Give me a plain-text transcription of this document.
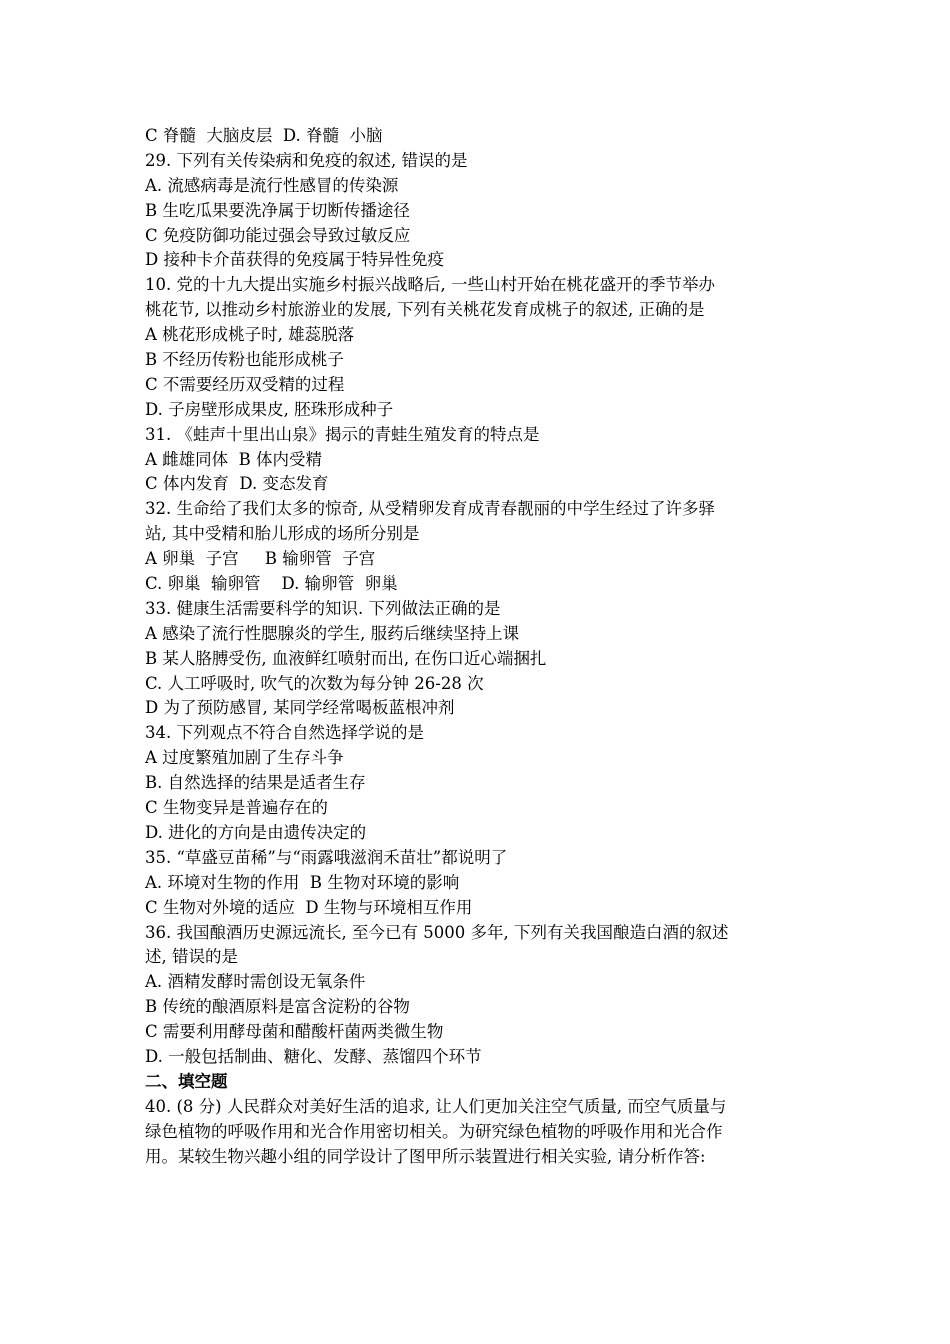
C 脊髓  大脑皮层  D. 脊髓  小脑
29. 下列有关传染病和免疫的叙述, 错误的是
A. 流感病毒是流行性感冒的传染源
B 生吃瓜果要洗净属于切断传播途径
C 免疫防御功能过强会导致过敏反应
D 接种卡介苗获得的免疫属于特异性免疫
10. 党的十九大提出实施乡村振兴战略后, 一些山村开始在桃花盛开的季节举办
桃花节, 以推动乡村旅游业的发展, 下列有关桃花发育成桃子的叙述, 正确的是
A 桃花形成桃子时, 雄蕊脱落
B 不经历传粉也能形成桃子
C 不需要经历双受精的过程
D. 子房壁形成果皮, 胚珠形成种子
31. 《蛙声十里出山泉》揭示的青蛙生殖发育的特点是
A 雌雄同体  B 体内受精
C 体内发育  D. 变态发育
32. 生命给了我们太多的惊奇, 从受精卵发育成青春靓丽的中学生经过了许多驿
站, 其中受精和胎儿形成的场所分别是
A 卵巢  子宫     B 输卵管  子宫
C. 卵巢  输卵管    D. 输卵管  卵巢
33. 健康生活需要科学的知识. 下列做法正确的是
A 感染了流行性腮腺炎的学生, 服药后继续坚持上课
B 某人胳膊受伤, 血液鲜红喷射而出, 在伤口近心端捆扎
C. 人工呼吸时, 吹气的次数为每分钟 26-28 次
D 为了预防感冒, 某同学经常喝板蓝根冲剂
34. 下列观点不符合自然选择学说的是
A 过度繁殖加剧了生存斗争
B. 自然选择的结果是适者生存
C 生物变异是普遍存在的
D. 进化的方向是由遗传决定的
35. “草盛豆苗稀”与“雨露哦滋润禾苗壮”都说明了
A. 环境对生物的作用  B 生物对环境的影响
C 生物对外境的适应  D 生物与环境相互作用
36. 我国酿酒历史源远流长, 至今已有 5000 多年, 下列有关我国酿造白酒的叙述
述, 错误的是
A. 酒精发酵时需创设无氧条件
B 传统的酿酒原料是富含淀粉的谷物
C 需要利用酵母菌和醋酸杆菌两类微生物
D. 一般包括制曲、糖化、发酵、蒸馏四个环节
二、填空题
40. (8 分) 人民群众对美好生活的追求, 让人们更加关注空气质量, 而空气质量与
绿色植物的呼吸作用和光合作用密切相关。为研究绿色植物的呼吸作用和光合作
用。某较生物兴趣小组的同学设计了图甲所示装置进行相关实验, 请分析作答:
